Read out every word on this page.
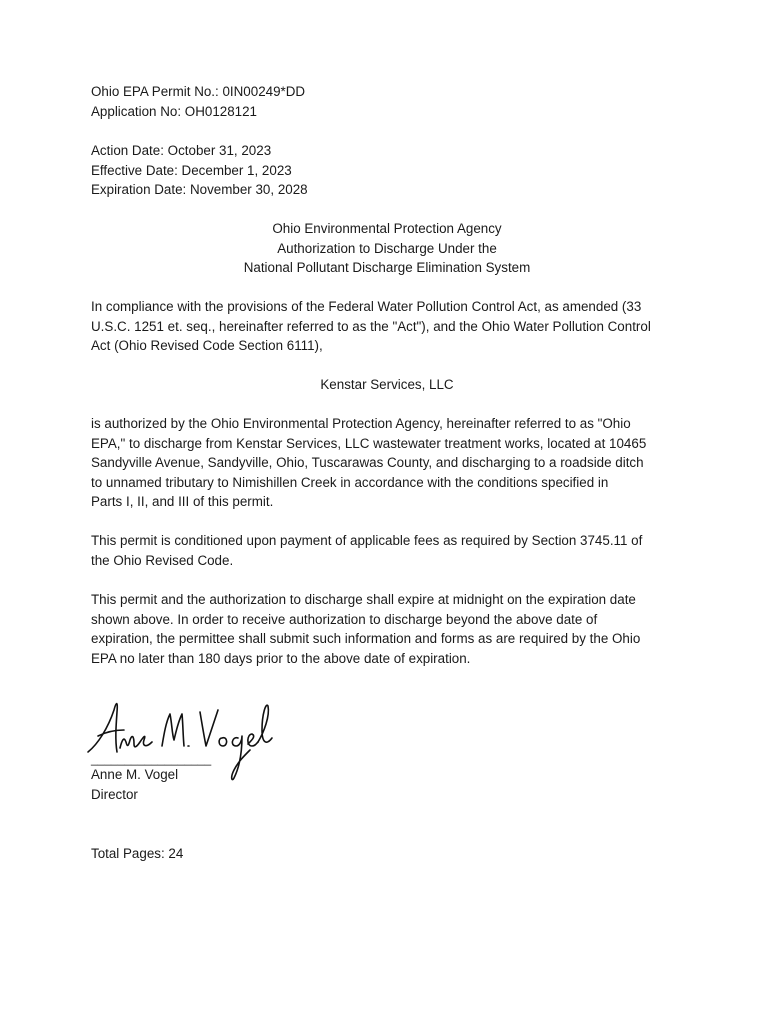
Ohio EPA Permit No.: 0IN00249*DD
Application No: OH0128121
Action Date: October 31, 2023
Effective Date: December 1, 2023
Expiration Date: November 30, 2028
Ohio Environmental Protection Agency
Authorization to Discharge Under the
National Pollutant Discharge Elimination System
In compliance with the provisions of the Federal Water Pollution Control Act, as amended (33
U.S.C. 1251 et. seq., hereinafter referred to as the "Act"), and the Ohio Water Pollution Control
Act (Ohio Revised Code Section 6111),
Kenstar Services, LLC
is authorized by the Ohio Environmental Protection Agency, hereinafter referred to as "Ohio
EPA," to discharge from Kenstar Services, LLC wastewater treatment works, located at 10465
Sandyville Avenue, Sandyville, Ohio, Tuscarawas County, and discharging to a roadside ditch
to unnamed tributary to Nimishillen Creek in accordance with the conditions specified in
Parts I, II, and III of this permit.
This permit is conditioned upon payment of applicable fees as required by Section 3745.11 of
the Ohio Revised Code.
This permit and the authorization to discharge shall expire at midnight on the expiration date
shown above. In order to receive authorization to discharge beyond the above date of
expiration, the permittee shall submit such information and forms as are required by the Ohio
EPA no later than 180 days prior to the above date of expiration.
__________________
Anne M. Vogel
Director
Total Pages: 24
